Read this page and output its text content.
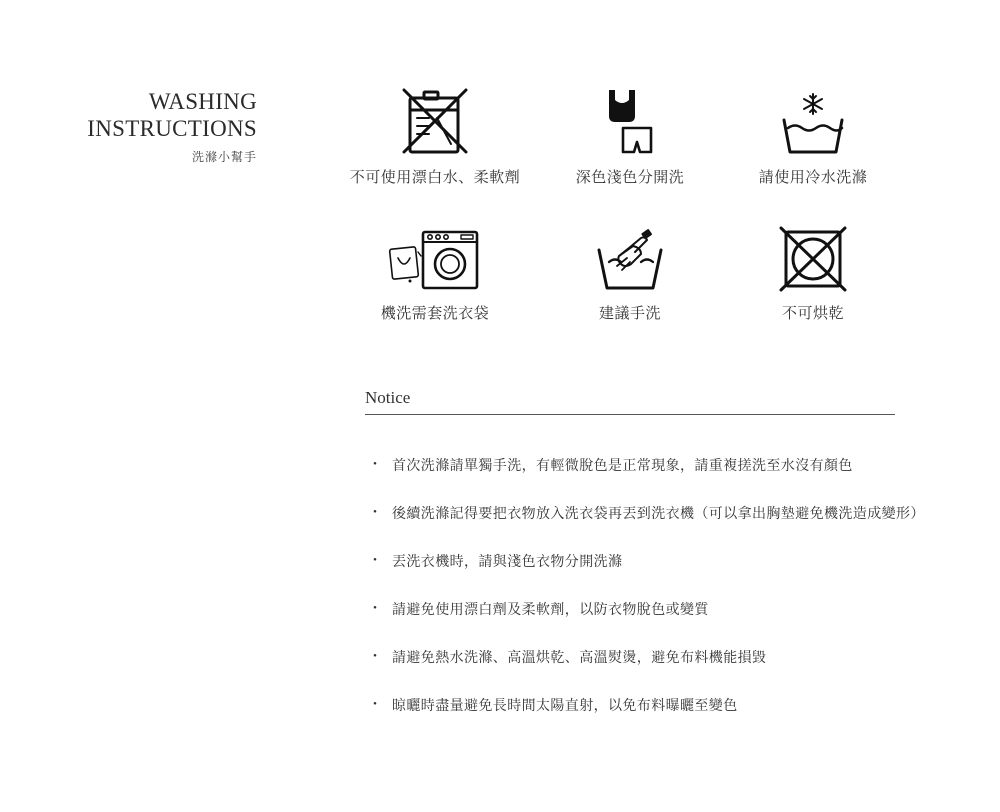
WASHING
INSTRUCTIONS
洗滌小幫手
不可使用漂白水、柔軟劑	深色淺色分開洗	請使用冷水洗滌
機洗需套洗衣袋	建議手洗	不可烘乾
Notice
・ 首次洗滌請單獨手洗，有輕微脫色是正常現象，請重複搓洗至水沒有顏色
・ 後續洗滌記得要把衣物放入洗衣袋再丟到洗衣機（可以拿出胸墊避免機洗造成變形）
・ 丟洗衣機時，請與淺色衣物分開洗滌
・ 請避免使用漂白劑及柔軟劑，以防衣物脫色或變質
・ 請避免熱水洗滌、高溫烘乾、高溫熨燙，避免布料機能損毀
・ 晾曬時盡量避免長時間太陽直射，以免布料曝曬至變色
